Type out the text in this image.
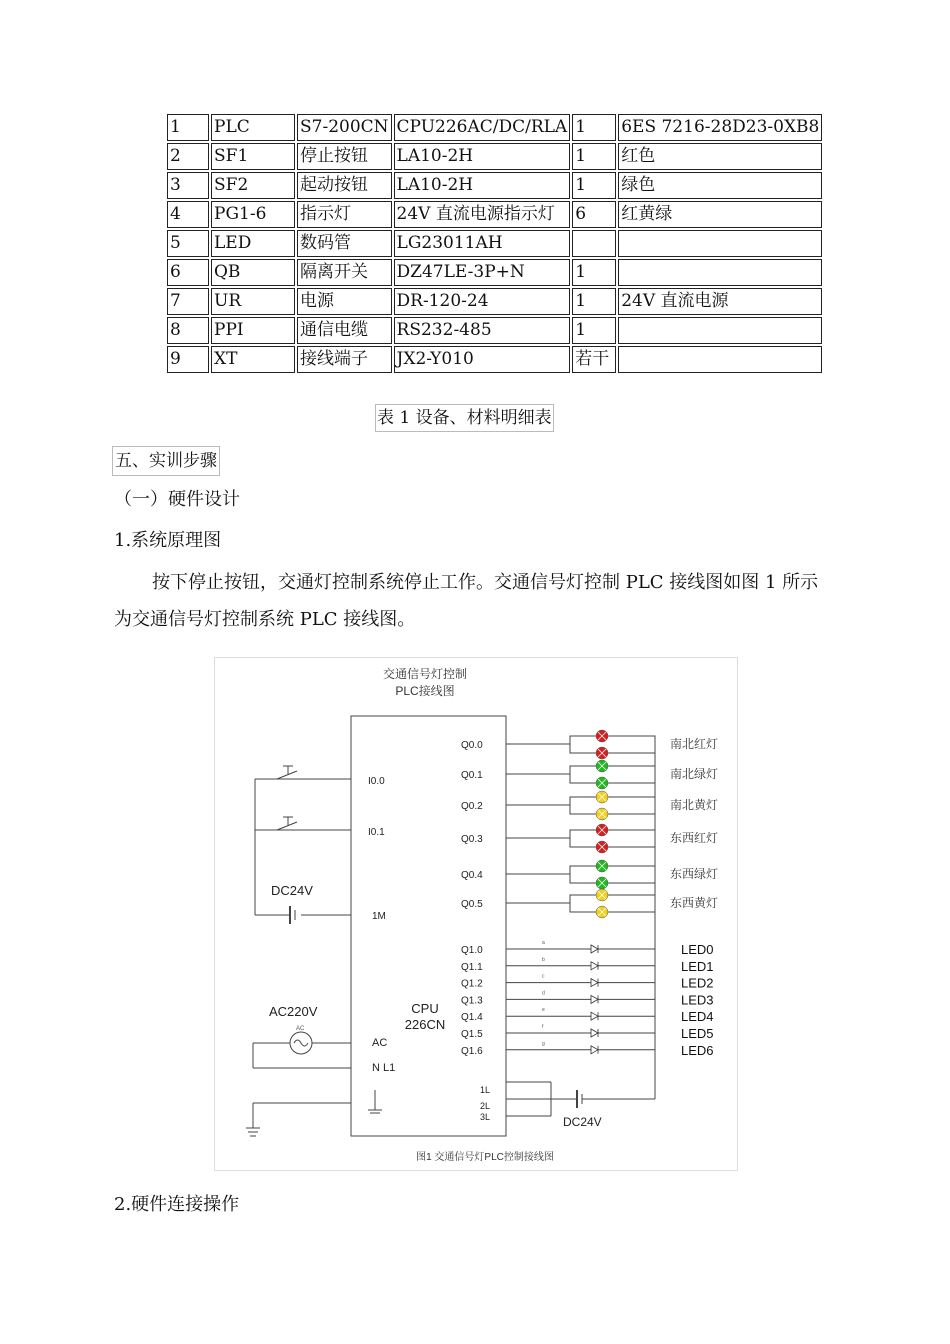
1	PLC	S7-200CN	CPU226AC/DC/RLA	1	6ES 7216-28D23-0XB8
2	SF1	停止按钮	LA10-2H	1	红色
3	SF2	起动按钮	LA10-2H	1	绿色
4	PG1-6	指示灯	24V 直流电源指示灯	6	红黄绿
5	LED	数码管	LG23011AH		
6	QB	隔离开关	DZ47LE-3P+N	1	
7	UR	电源	DR-120-24	1	24V 直流电源
8	PPI	通信电缆	RS232-485	1	
9	XT	接线端子	JX2-Y010	若干	
表 1 设备、材料明细表
五、实训步骤
（一）硬件设计
1.系统原理图
按下停止按钮，交通灯控制系统停止工作。交通信号灯控制 PLC 接线图如图 1 所示
为交通信号灯控制系统 PLC 接线图。
Q0.0	南北红灯
Q0.1	南北绿灯
Q0.2	南北黄灯
Q0.3	东西红灯
Q0.4	东西绿灯
Q0.5	东西黄灯
Q1.0
a	LED0
Q1.1
b	LED1
Q1.2
c	LED2
Q1.3
d	LED3
Q1.4
e	LED4
Q1.5
f	LED5
Q1.6
g	LED6
交通信号灯控制
PLC接线图
I0.0
I0.1
1M
DC24V
AC220V
AC
AC
N L1
CPU
226CN
1L
2L
3L	DC24V
图1 交通信号灯PLC控制接线图
2.硬件连接操作
